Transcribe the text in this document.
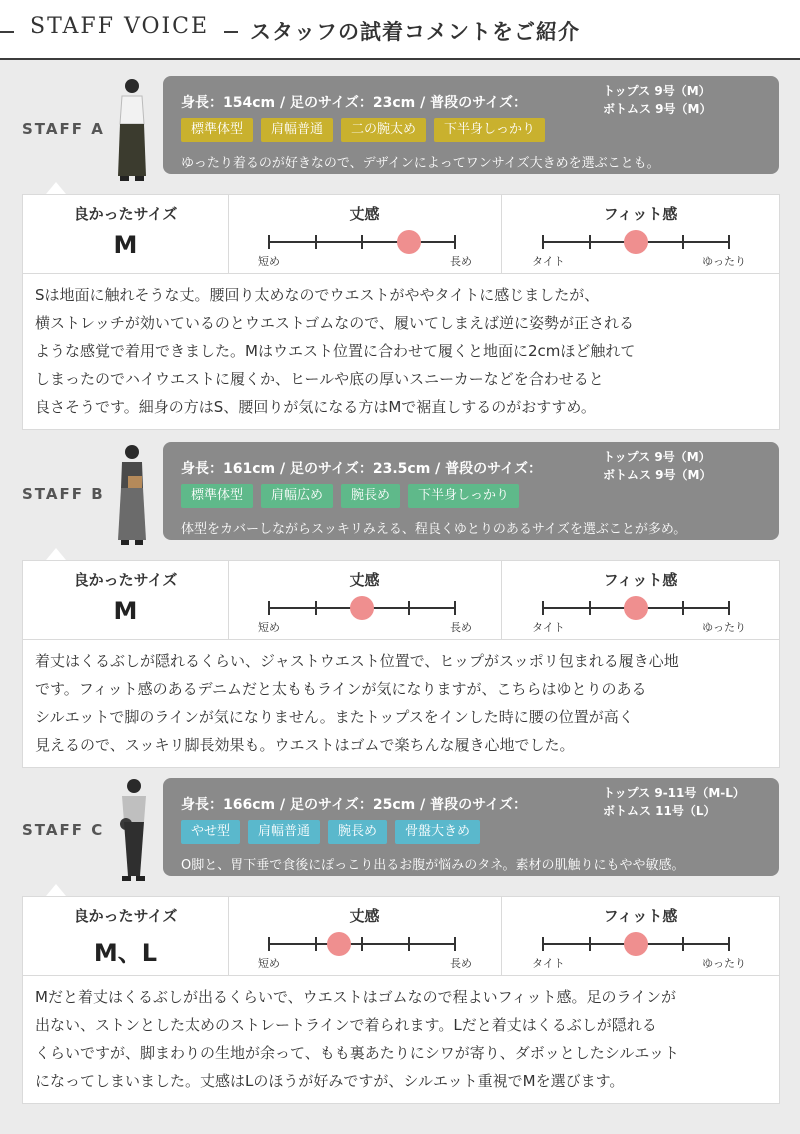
STAFF VOICE スタッフの試着コメントをご紹介
STAFF A
身長：154cm / 足のサイズ：23cm / 普段のサイズ：
トップス 9号（M）
ボトムス 9号（M）
標準体型 肩幅普通 二の腕太め 下半身しっかり
ゆったり着るのが好きなので、デザインによってワンサイズ大きめを選ぶことも。
良かったサイズ
M
丈感
短め	長め
フィット感
タイト	ゆったり
Sは地面に触れそうな丈。腰回り太めなのでウエストがややタイトに感じましたが、
横ストレッチが効いているのとウエストゴムなので、履いてしまえば逆に姿勢が正される
ような感覚で着用できました。Mはウエスト位置に合わせて履くと地面に2cmほど触れて
しまったのでハイウエストに履くか、ヒールや底の厚いスニーカーなどを合わせると
良さそうです。細身の方はS、腰回りが気になる方はMで裾直しするのがおすすめ。
STAFF B
身長：161cm / 足のサイズ：23.5cm / 普段のサイズ：
トップス 9号（M）
ボトムス 9号（M）
標準体型 肩幅広め 腕長め 下半身しっかり
体型をカバーしながらスッキリみえる、程良くゆとりのあるサイズを選ぶことが多め。
良かったサイズ
M
丈感
短め	長め
フィット感
タイト	ゆったり
着丈はくるぶしが隠れるくらい、ジャストウエスト位置で、ヒップがスッポリ包まれる履き心地
です。フィット感のあるデニムだと太ももラインが気になりますが、こちらはゆとりのある
シルエットで脚のラインが気になりません。またトップスをインした時に腰の位置が高く
見えるので、スッキリ脚長効果も。ウエストはゴムで楽ちんな履き心地でした。
STAFF C
身長：166cm / 足のサイズ：25cm / 普段のサイズ：
トップス 9-11号（M-L）
ボトムス 11号（L）
やせ型 肩幅普通 腕長め 骨盤大きめ
O脚と、胃下垂で食後にぽっこり出るお腹が悩みのタネ。素材の肌触りにもやや敏感。
良かったサイズ
M、L
丈感
短め	長め
フィット感
タイト	ゆったり
Mだと着丈はくるぶしが出るくらいで、ウエストはゴムなので程よいフィット感。足のラインが
出ない、ストンとした太めのストレートラインで着られます。Lだと着丈はくるぶしが隠れる
くらいですが、脚まわりの生地が余って、もも裏あたりにシワが寄り、ダボッとしたシルエット
になってしまいました。丈感はLのほうが好みですが、シルエット重視でMを選びます。
